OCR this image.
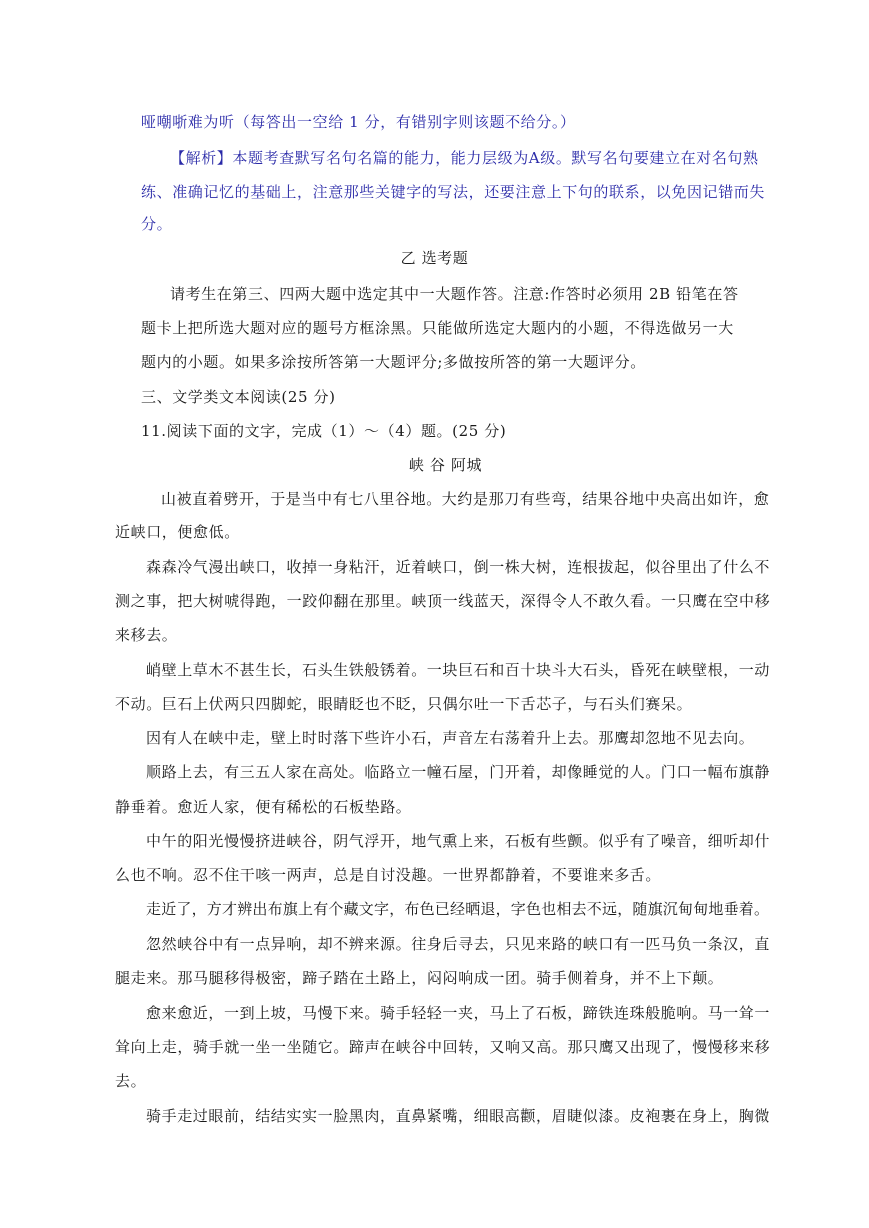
哑嘲哳难为听（每答出一空给 1 分，有错别字则该题不给分。）
【解析】本题考查默写名句名篇的能力，能力层级为A级。默写名句要建立在对名句熟
练、准确记忆的基础上，注意那些关键字的写法，还要注意上下句的联系，以免因记错而失
分。
乙 选考题
请考生在第三、四两大题中选定其中一大题作答。注意:作答时必须用 2B 铅笔在答
题卡上把所选大题对应的题号方框涂黑。只能做所选定大题内的小题，不得选做另一大
题内的小题。如果多涂按所答第一大题评分;多做按所答的第一大题评分。
三、文学类文本阅读(25 分)
11.阅读下面的文字，完成（1）～（4）题。(25 分)
峡 谷 阿城
山被直着劈开，于是当中有七八里谷地。大约是那刀有些弯，结果谷地中央高出如许，愈
近峡口，便愈低。
森森冷气漫出峡口，收掉一身粘汗，近着峡口，倒一株大树，连根拔起，似谷里出了什么不
测之事，把大树唬得跑，一跤仰翻在那里。峡顶一线蓝天，深得令人不敢久看。一只鹰在空中移
来移去。
峭壁上草木不甚生长，石头生铁般锈着。一块巨石和百十块斗大石头，昏死在峡壁根，一动
不动。巨石上伏两只四脚蛇，眼睛眨也不眨，只偶尔吐一下舌芯子，与石头们赛呆。
因有人在峡中走，壁上时时落下些许小石，声音左右荡着升上去。那鹰却忽地不见去向。
顺路上去，有三五人家在高处。临路立一幢石屋，门开着，却像睡觉的人。门口一幅布旗静
静垂着。愈近人家，便有稀松的石板垫路。
中午的阳光慢慢挤进峡谷，阴气浮开，地气熏上来，石板有些颤。似乎有了噪音，细听却什
么也不响。忍不住干咳一两声，总是自讨没趣。一世界都静着，不要谁来多舌。
走近了，方才辨出布旗上有个藏文字，布色已经晒退，字色也相去不远，随旗沉甸甸地垂着。
忽然峡谷中有一点异响，却不辨来源。往身后寻去，只见来路的峡口有一匹马负一条汉，直
腿走来。那马腿移得极密，蹄子踏在土路上，闷闷响成一团。骑手侧着身，并不上下颠。
愈来愈近，一到上坡，马慢下来。骑手轻轻一夹，马上了石板，蹄铁连珠般脆响。马一耸一
耸向上走，骑手就一坐一坐随它。蹄声在峡谷中回转，又响又高。那只鹰又出现了，慢慢移来移
去。
骑手走过眼前，结结实实一脸黑肉，直鼻紧嘴，细眼高颧，眉睫似漆。皮袍裹在身上，胸微
